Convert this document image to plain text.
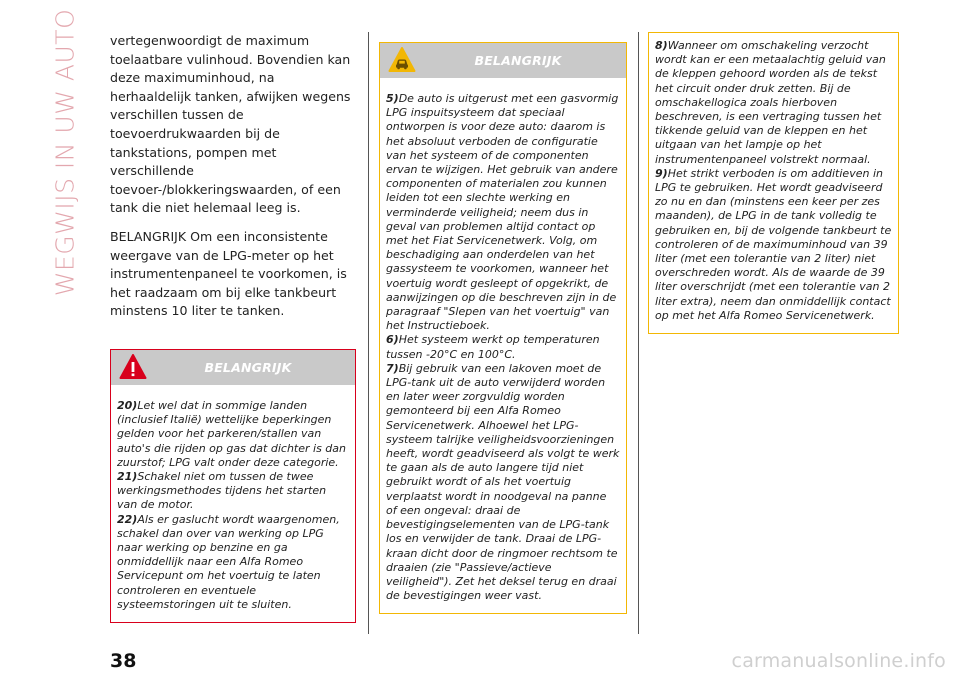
WEGWIJS IN UW AUTO vertegenwoordigt de maximum toelaatbare vulinhoud. Bovendien kan deze maximuminhoud, na herhaaldelijk tanken, afwijken wegens verschillen tussen de toevoerdrukwaarden bij de tankstations, pompen met verschillende toevoer-/blokkeringswaarden, of een tank die niet helemaal leeg is.

BELANGRIJK Om een inconsistente weergave van de LPG-meter op het instrumentenpaneel te voorkomen, is het raadzaam om bij elke tankbeurt minstens 10 liter te tanken.

BELANGRIJK
20)Let wel dat in sommige landen (inclusief Italië) wettelijke beperkingen gelden voor het parkeren/stallen van auto's die rijden op gas dat dichter is dan zuurstof; LPG valt onder deze categorie.
21)Schakel niet om tussen de twee werkingsmethodes tijdens het starten van de motor.
22)Als er gaslucht wordt waargenomen, schakel dan over van werking op LPG naar werking op benzine en ga onmiddellijk naar een Alfa Romeo Servicepunt om het voertuig te laten controleren en eventuele systeemstoringen uit te sluiten.
BELANGRIJK
5)De auto is uitgerust met een gasvormig LPG inspuitsysteem dat speciaal ontworpen is voor deze auto: daarom is het absoluut verboden de configuratie van het systeem of de componenten ervan te wijzigen. Het gebruik van andere componenten of materialen zou kunnen leiden tot een slechte werking en verminderde veiligheid; neem dus in geval van problemen altijd contact op met het Fiat Servicenetwerk. Volg, om beschadiging aan onderdelen van het gassysteem te voorkomen, wanneer het voertuig wordt gesleept of opgekrikt, de aanwijzingen op die beschreven zijn in de paragraaf "Slepen van het voertuig" van het Instructieboek.
6)Het systeem werkt op temperaturen tussen -20°C en 100°C.
7)Bij gebruik van een lakoven moet de LPG-tank uit de auto verwijderd worden en later weer zorgvuldig worden gemonteerd bij een Alfa Romeo Servicenetwerk. Alhoewel het LPG-systeem talrijke veiligheidsvoorzieningen heeft, wordt geadviseerd als volgt te werk te gaan als de auto langere tijd niet gebruikt wordt of als het voertuig verplaatst wordt in noodgeval na panne of een ongeval: draai de bevestigingselementen van de LPG-tank los en verwijder de tank. Draai de LPG-kraan dicht door de ringmoer rechtsom te draaien (zie "Passieve/actieve veiligheid"). Zet het deksel terug en draai de bevestigingen weer vast.
8)Wanneer om omschakeling verzocht wordt kan er een metaalachtig geluid van de kleppen gehoord worden als de tekst het circuit onder druk zetten. Bij de omschakellogica zoals hierboven beschreven, is een vertraging tussen het tikkende geluid van de kleppen en het uitgaan van het lampje op het instrumentenpaneel volstrekt normaal.
9)Het strikt verboden is om additieven in LPG te gebruiken. Het wordt geadviseerd zo nu en dan (minstens een keer per zes maanden), de LPG in de tank volledig te gebruiken en, bij de volgende tankbeurt te controleren of de maximuminhoud van 39 liter (met een tolerantie van 2 liter) niet overschreden wordt. Als de waarde de 39 liter overschrijdt (met een tolerantie van 2 liter extra), neem dan onmiddellijk contact op met het Alfa Romeo Servicenetwerk.
38	carmanualsonline.info
